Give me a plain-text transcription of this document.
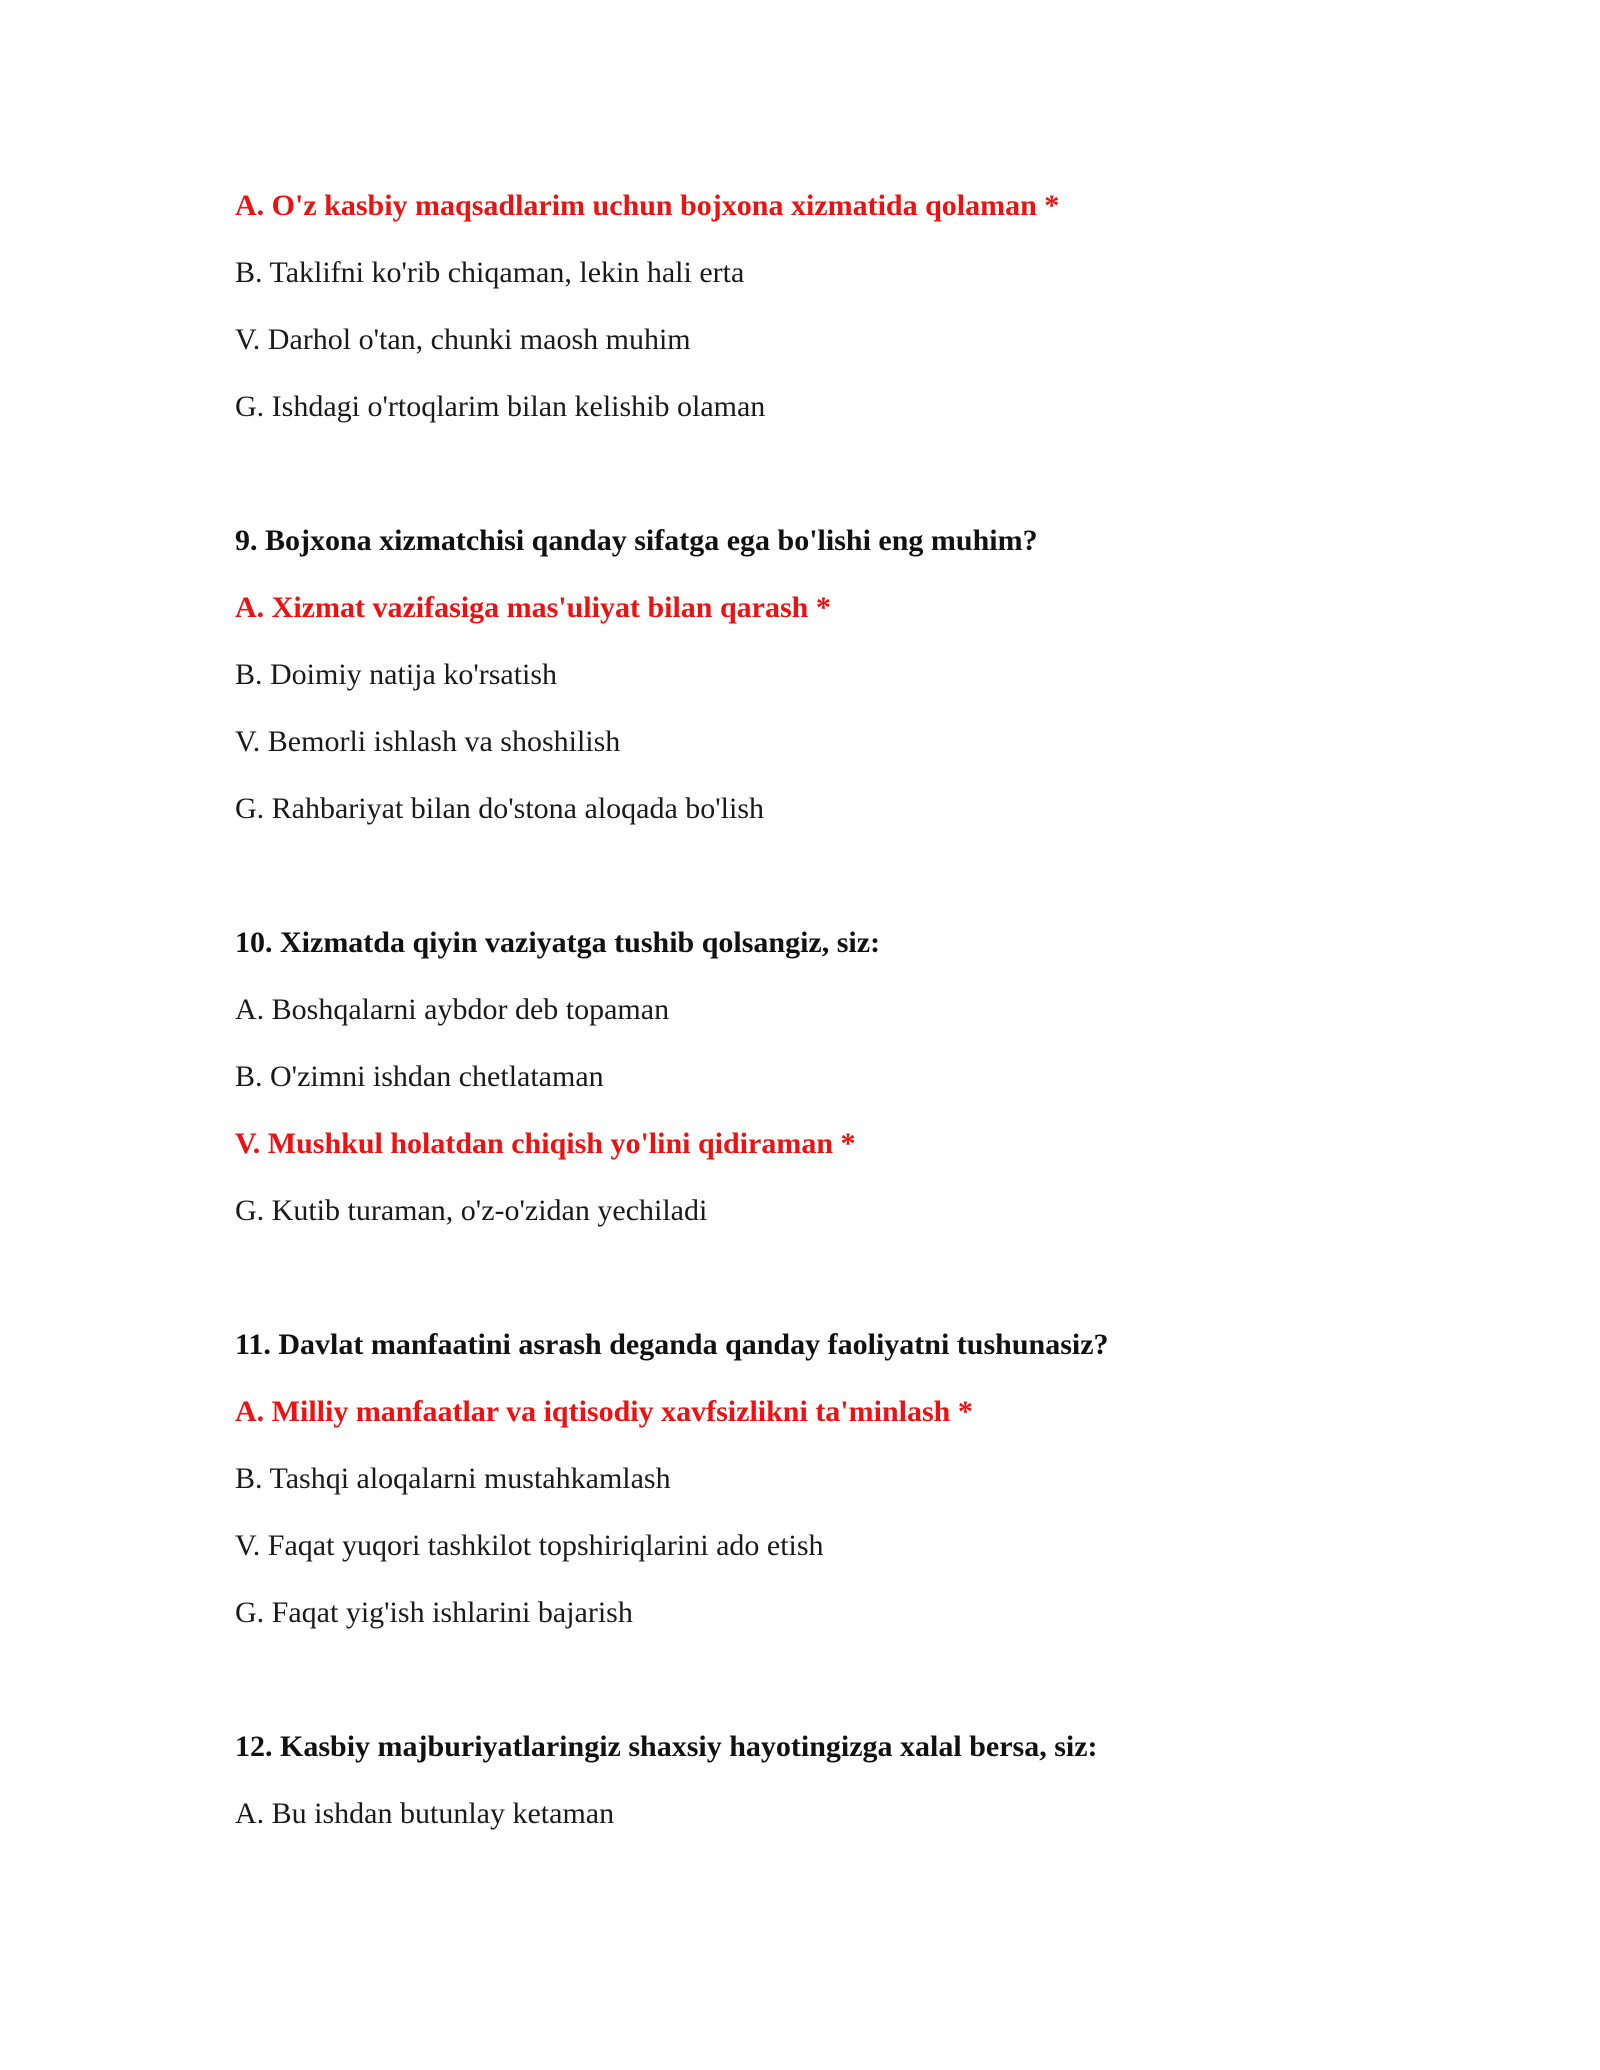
A. O'z kasbiy maqsadlarim uchun bojxona xizmatida qolaman *
B. Taklifni ko'rib chiqaman, lekin hali erta
V. Darhol o'tan, chunki maosh muhim
G. Ishdagi o'rtoqlarim bilan kelishib olaman
9. Bojxona xizmatchisi qanday sifatga ega bo'lishi eng muhim?
A. Xizmat vazifasiga mas'uliyat bilan qarash *
B. Doimiy natija ko'rsatish
V. Bemorli ishlash va shoshilish
G. Rahbariyat bilan do'stona aloqada bo'lish
10. Xizmatda qiyin vaziyatga tushib qolsangiz, siz:
A. Boshqalarni aybdor deb topaman
B. O'zimni ishdan chetlataman
V. Mushkul holatdan chiqish yo'lini qidiraman *
G. Kutib turaman, o'z-o'zidan yechiladi
11. Davlat manfaatini asrash deganda qanday faoliyatni tushunasiz?
A. Milliy manfaatlar va iqtisodiy xavfsizlikni ta'minlash *
B. Tashqi aloqalarni mustahkamlash
V. Faqat yuqori tashkilot topshiriqlarini ado etish
G. Faqat yig'ish ishlarini bajarish
12. Kasbiy majburiyatlaringiz shaxsiy hayotingizga xalal bersa, siz:
A. Bu ishdan butunlay ketaman
